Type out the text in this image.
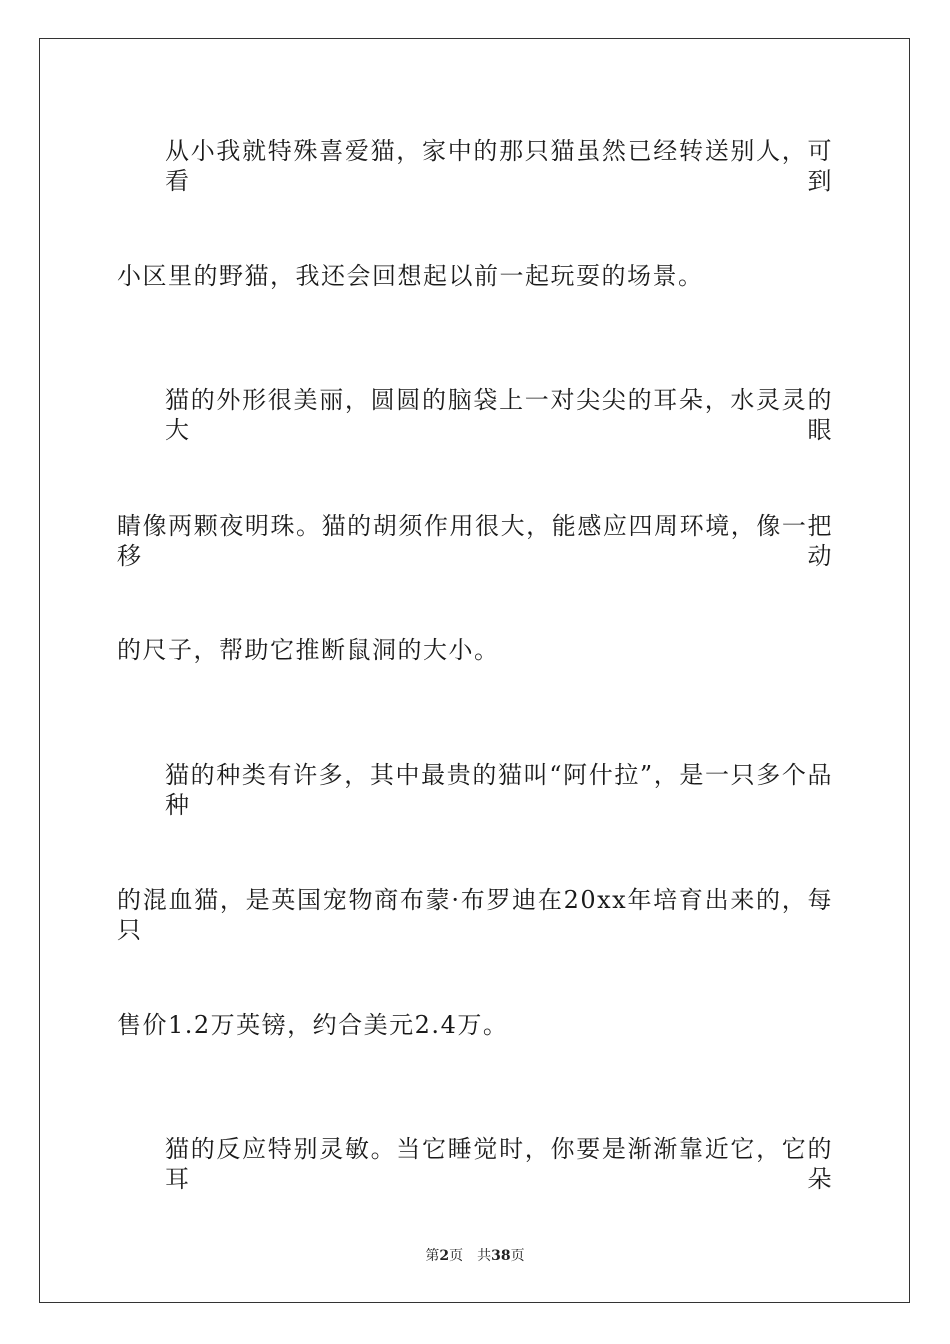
从小我就特殊喜爱猫，家中的那只猫虽然已经转送别人，可看到
小区里的野猫，我还会回想起以前一起玩耍的场景。
猫的外形很美丽，圆圆的脑袋上一对尖尖的耳朵，水灵灵的大眼
睛像两颗夜明珠。猫的胡须作用很大，能感应四周环境，像一把移动
的尺子，帮助它推断鼠洞的大小。
猫的种类有许多，其中最贵的猫叫“阿什拉”，是一只多个品种
的混血猫，是英国宠物商布蒙·布罗迪在20xx年培育出来的，每只
售价1.2万英镑，约合美元2.4万。
猫的反应特别灵敏。当它睡觉时，你要是渐渐靠近它，它的耳朵
第2页 共38页
